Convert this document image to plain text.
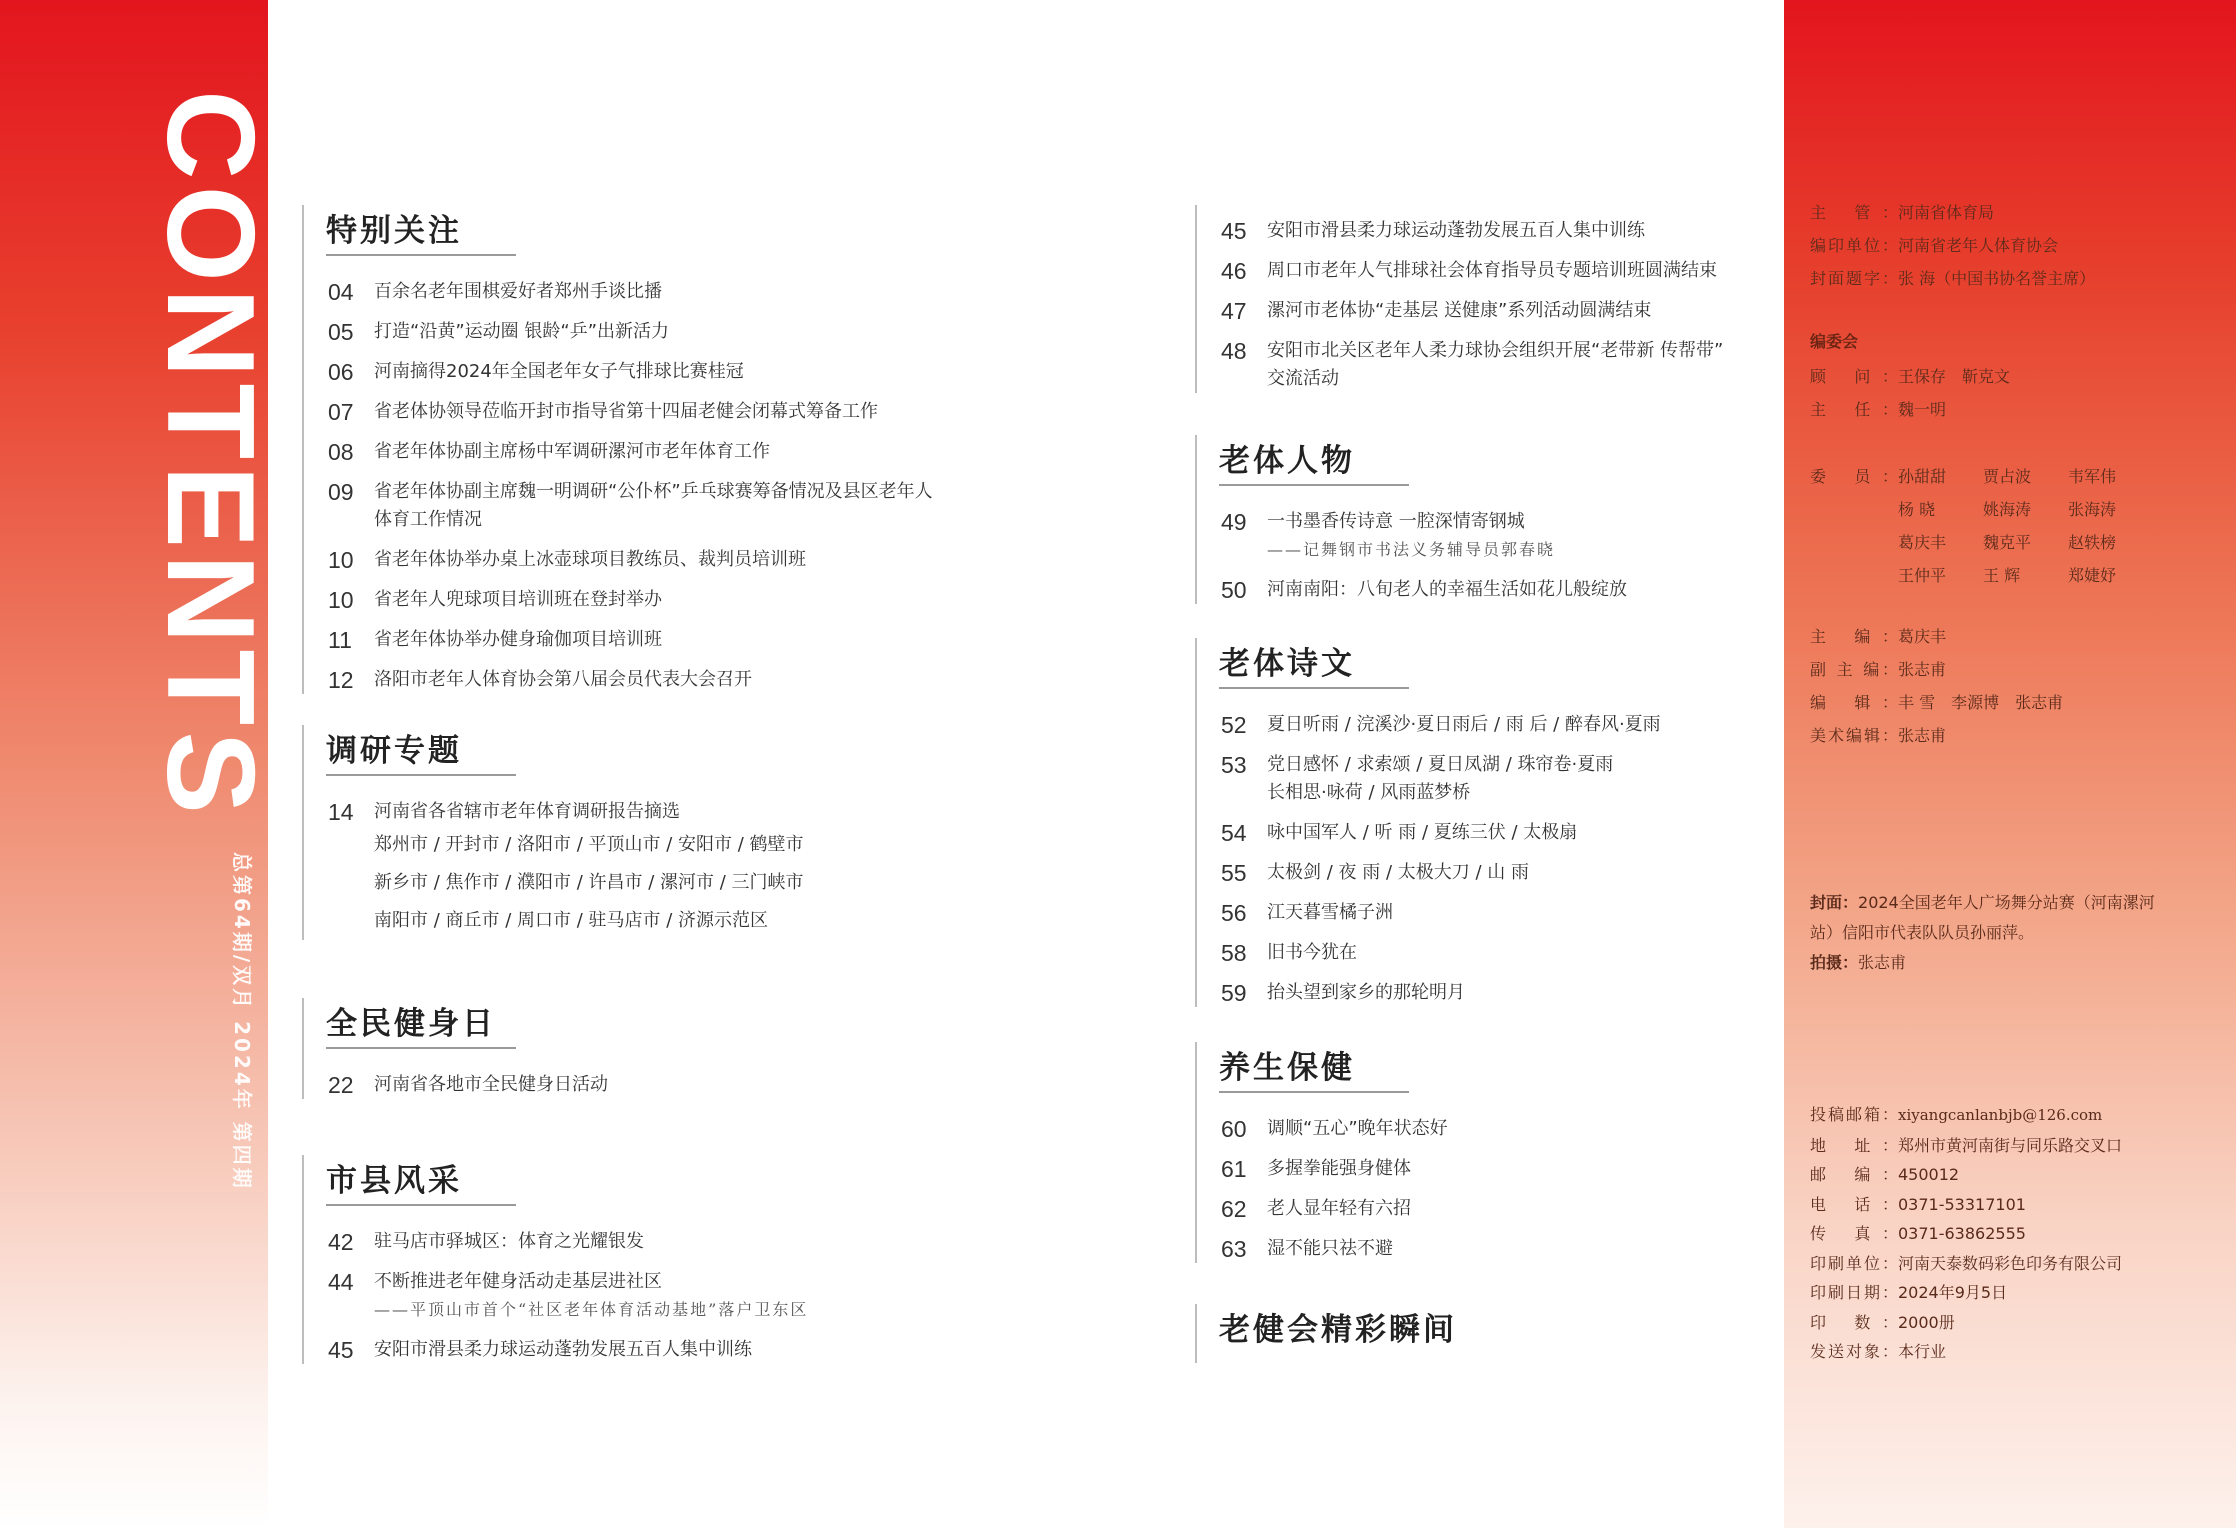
CONTENTS
总第64期/双月 2024年 第四期
特别关注
04	百余名老年围棋爱好者郑州手谈比播
05	打造“沿黄”运动圈 银龄“乒”出新活力
06	河南摘得2024年全国老年女子气排球比赛桂冠
07	省老体协领导莅临开封市指导省第十四届老健会闭幕式筹备工作
08	省老年体协副主席杨中军调研漯河市老年体育工作
09	省老年体协副主席魏一明调研“公仆杯”乒乓球赛筹备情况及县区老年人
体育工作情况
10	省老年体协举办桌上冰壶球项目教练员、裁判员培训班
10	省老年人兜球项目培训班在登封举办
11	省老年体协举办健身瑜伽项目培训班
12	洛阳市老年人体育协会第八届会员代表大会召开
调研专题
14	河南省各省辖市老年体育调研报告摘选
郑州市 / 开封市 / 洛阳市 / 平顶山市 / 安阳市 / 鹤壁市
新乡市 / 焦作市 / 濮阳市 / 许昌市 / 漯河市 / 三门峡市
南阳市 / 商丘市 / 周口市 / 驻马店市 / 济源示范区
全民健身日
22	河南省各地市全民健身日活动
市县风采
42	驻马店市驿城区：体育之光耀银发
44	不断推进老年健身活动走基层进社区
——平顶山市首个“社区老年体育活动基地”落户卫东区
45	安阳市滑县柔力球运动蓬勃发展五百人集中训练
45	安阳市滑县柔力球运动蓬勃发展五百人集中训练
46	周口市老年人气排球社会体育指导员专题培训班圆满结束
47	漯河市老体协“走基层 送健康”系列活动圆满结束
48	安阳市北关区老年人柔力球协会组织开展“老带新 传帮带”
交流活动
老体人物
49	一书墨香传诗意 一腔深情寄钢城
——记舞钢市书法义务辅导员郭春晓
50	河南南阳：八旬老人的幸福生活如花儿般绽放
老体诗文
52	夏日听雨 / 浣溪沙·夏日雨后 / 雨 后 / 醉春风·夏雨
53	党日感怀 / 求索颂 / 夏日凤湖 / 珠帘卷·夏雨
长相思·咏荷 / 风雨蓝梦桥
54	咏中国军人 / 听 雨 / 夏练三伏 / 太极扇
55	太极剑 / 夜 雨 / 太极大刀 / 山 雨
56	江天暮雪橘子洲
58	旧书今犹在
59	抬头望到家乡的那轮明月
养生保健
60	调顺“五心”晚年状态好
61	多握拳能强身健体
62	老人显年轻有六招
63	湿不能只祛不避
老健会精彩瞬间
主 管：河南省体育局
编印单位：河南省老年人体育协会
封面题字：张 海（中国书协名誉主席）
编委会
顾 问：王保存　靳克文
主 任：魏一明
委 员： 孙甜甜	贾占波	韦军伟
杨 晓	姚海涛	张海涛
葛庆丰	魏克平	赵轶榜
王仲平	王 辉	郑婕妤
主 编：葛庆丰
副 主 编：张志甫
编 辑：丰 雪　李源博　张志甫
美术编辑：张志甫
封面：2024全国老年人广场舞分站赛（河南漯河站）信阳市代表队队员孙丽萍。
拍摄：张志甫
投稿邮箱：xiyangcanlanbjb@126.com
地 址：郑州市黄河南街与同乐路交叉口
邮 编：450012
电 话：0371-53317101
传 真：0371-63862555
印刷单位：河南天泰数码彩色印务有限公司
印刷日期：2024年9月5日
印 数：2000册
发送对象：本行业
